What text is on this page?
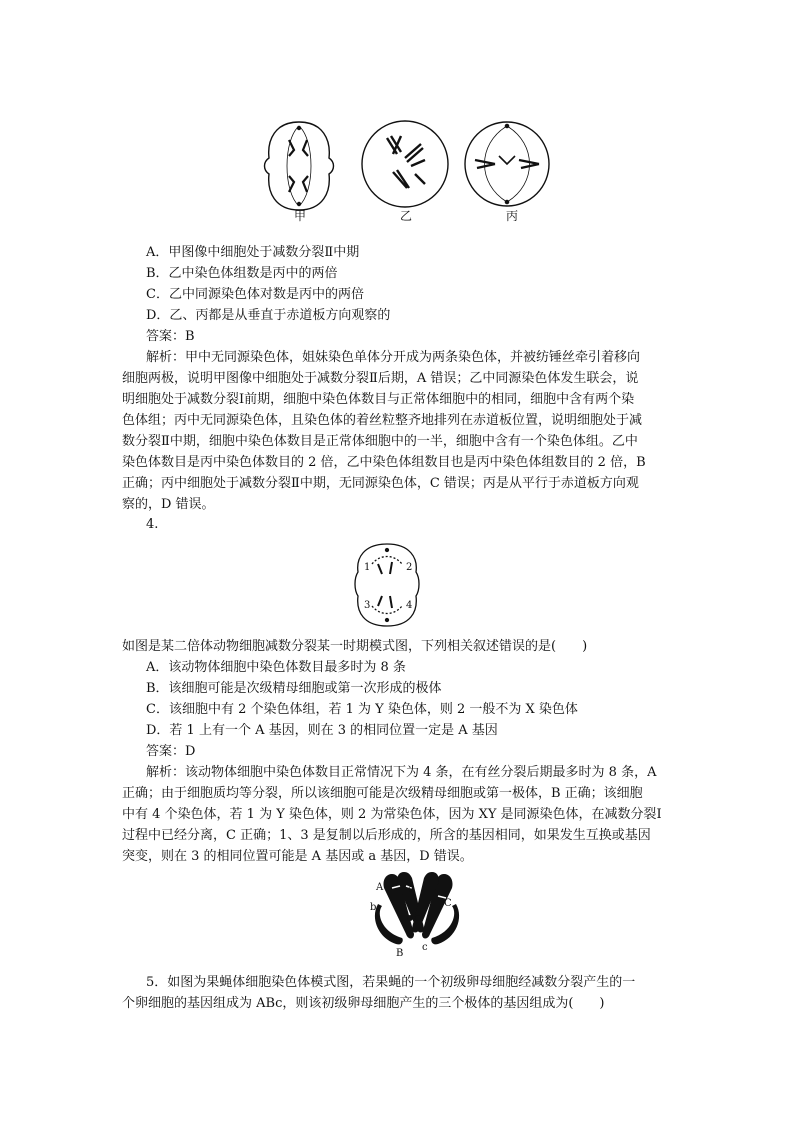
甲	乙	丙
A．甲图像中细胞处于减数分裂Ⅱ中期
B．乙中染色体组数是丙中的两倍
C．乙中同源染色体对数是丙中的两倍
D．乙、丙都是从垂直于赤道板方向观察的
答案：B
解析：甲中无同源染色体，姐妹染色单体分开成为两条染色体，并被纺锤丝牵引着移向
细胞两极，说明甲图像中细胞处于减数分裂Ⅱ后期，A 错误；乙中同源染色体发生联会，说
明细胞处于减数分裂Ⅰ前期，细胞中染色体数目与正常体细胞中的相同，细胞中含有两个染
色体组；丙中无同源染色体，且染色体的着丝粒整齐地排列在赤道板位置，说明细胞处于减
数分裂Ⅱ中期，细胞中染色体数目是正常体细胞中的一半，细胞中含有一个染色体组。乙中
染色体数目是丙中染色体数目的 2 倍，乙中染色体组数目也是丙中染色体组数目的 2 倍，B
正确；丙中细胞处于减数分裂Ⅱ中期，无同源染色体，C 错误；丙是从平行于赤道板方向观
察的，D 错误。
4.
1	2
3	4
如图是某二倍体动物细胞减数分裂某一时期模式图，下列相关叙述错误的是(　　)
A．该动物体细胞中染色体数目最多时为 8 条
B．该细胞可能是次级精母细胞或第一次形成的极体
C．该细胞中有 2 个染色体组，若 1 为 Y 染色体，则 2 一般不为 X 染色体
D．若 1 上有一个 A 基因，则在 3 的相同位置一定是 A 基因
答案：D
解析：该动物体细胞中染色体数目正常情况下为 4 条，在有丝分裂后期最多时为 8 条，A
正确；由于细胞质均等分裂，所以该细胞可能是次级精母细胞或第一极体，B 正确；该细胞
中有 4 个染色体，若 1 为 Y 染色体，则 2 为常染色体，因为 XY 是同源染色体，在减数分裂Ⅰ
过程中已经分离，C 正确；1、3 是复制以后形成的，所含的基因相同，如果发生互换或基因
突变，则在 3 的相同位置可能是 A 基因或 a 基因，D 错误。
A a
b
B
c
C
5．如图为果蝇体细胞染色体模式图，若果蝇的一个初级卵母细胞经减数分裂产生的一
个卵细胞的基因组成为 ABc，则该初级卵母细胞产生的三个极体的基因组成为(　　)
